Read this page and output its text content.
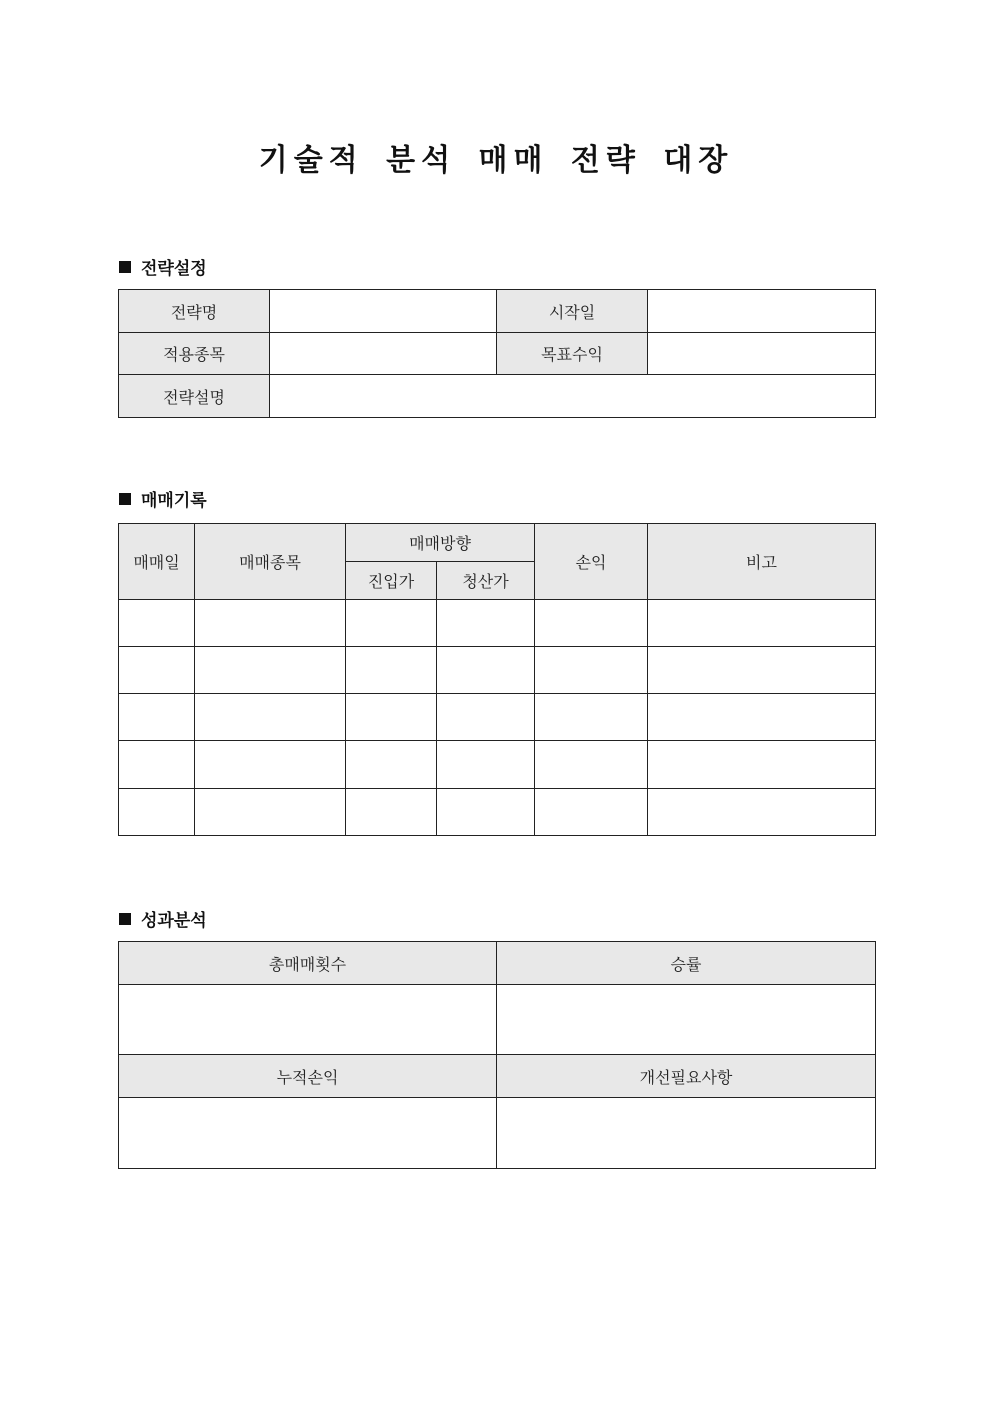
기술적 분석 매매 전략 대장
전략설정
전략명		시작일	
적용종목		목표수익	
전략설명			
매매기록
매매일	매매종목	매매방향		손익	비고
		진입가	청산가		

성과분석
총매매횟수	승률

누적손익	개선필요사항
